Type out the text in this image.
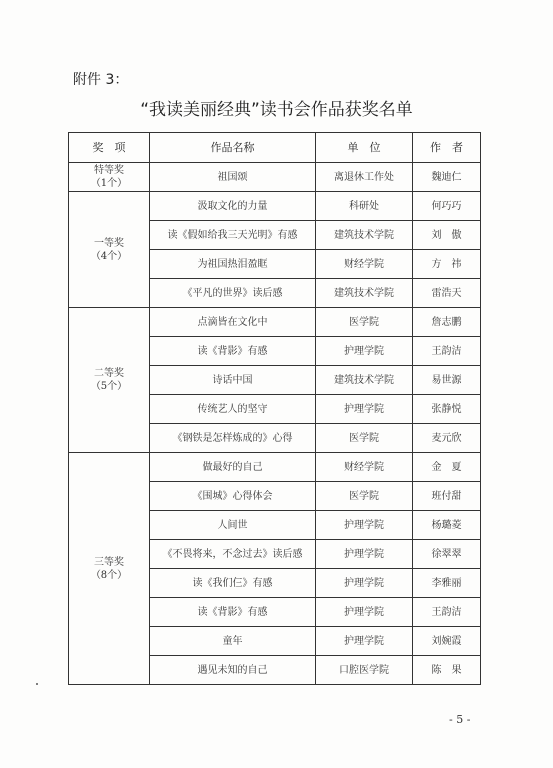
附件 3：
“我读美丽经典”读书会作品获奖名单
奖　项	作品名称	单　位	作　者

特等奖
（1个）	祖国颂	离退休工作处	魏迪仁

一等奖
（4个）	汲取文化的力量	科研处	何巧巧
	读《假如给我三天光明》有感	建筑技术学院	刘　傲
	为祖国热泪盈眶	财经学院	方　祎
	《平凡的世界》读后感	建筑技术学院	雷浩天

二等奖
（5个）	点滴皆在文化中	医学院	詹志鹏
	读《背影》有感	护理学院	王韵洁
	诗话中国	建筑技术学院	易世源
	传统艺人的坚守	护理学院	张静悦
	《钢铁是怎样炼成的》心得	医学院	麦元欣

三等奖
（8个）	做最好的自己	财经学院	金　夏
	《围城》心得体会	医学院	班付甜
	人间世	护理学院	杨璐菱
	《不畏将来，不念过去》读后感	护理学院	徐翠翠
	读《我们仨》有感	护理学院	李雅丽
	读《背影》有感	护理学院	王韵洁
	童年	护理学院	刘婉霞
	遇见未知的自己	口腔医学院	陈　果
- 5 -
